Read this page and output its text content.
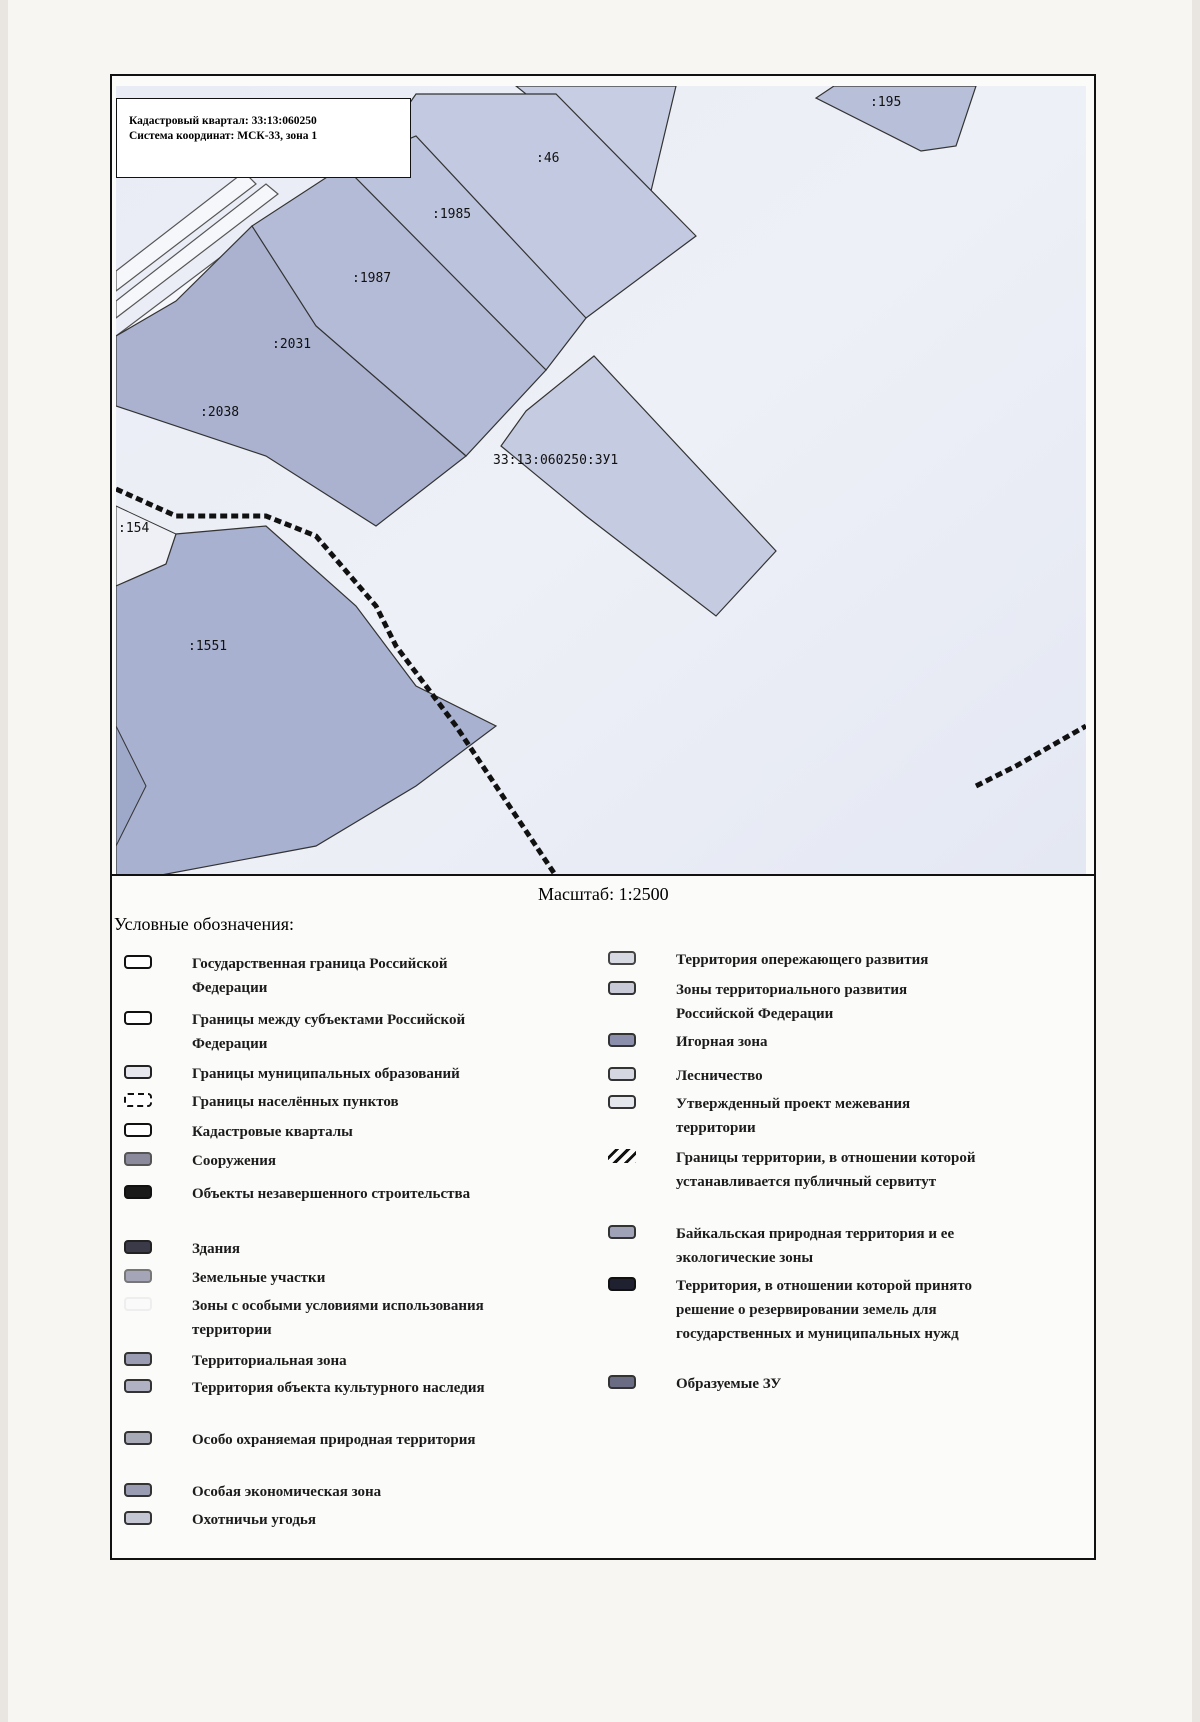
:195
:46
:1985
:1987
:2031
:2038
33:13:060250:ЗУ1
:154
:1551
Кадастровый квартал: 33:13:060250
Система координат: МСК-33, зона 1
Масштаб: 1:2500
Условные обозначения:
Государственная граница Российской Федерации
Границы между субъектами Российской Федерации
Границы муниципальных образований
Границы населённых пунктов
Кадастровые кварталы
Сооружения
Объекты незавершенного строительства
Здания
Земельные участки
Зоны с особыми условиями использования территории
Территориальная зона
Территория объекта культурного наследия
Особо охраняемая природная территория
Особая экономическая зона
Охотничьи угодья
Территория опережающего развития
Зоны территориального развития Российской Федерации
Игорная зона
Лесничество
Утвержденный проект межевания территории
Границы территории, в отношении которой устанавливается публичный сервитут
Байкальская природная территория и ее экологические зоны
Территория, в отношении которой принято решение о резервировании земель для государственных и муниципальных нужд
Образуемые ЗУ
